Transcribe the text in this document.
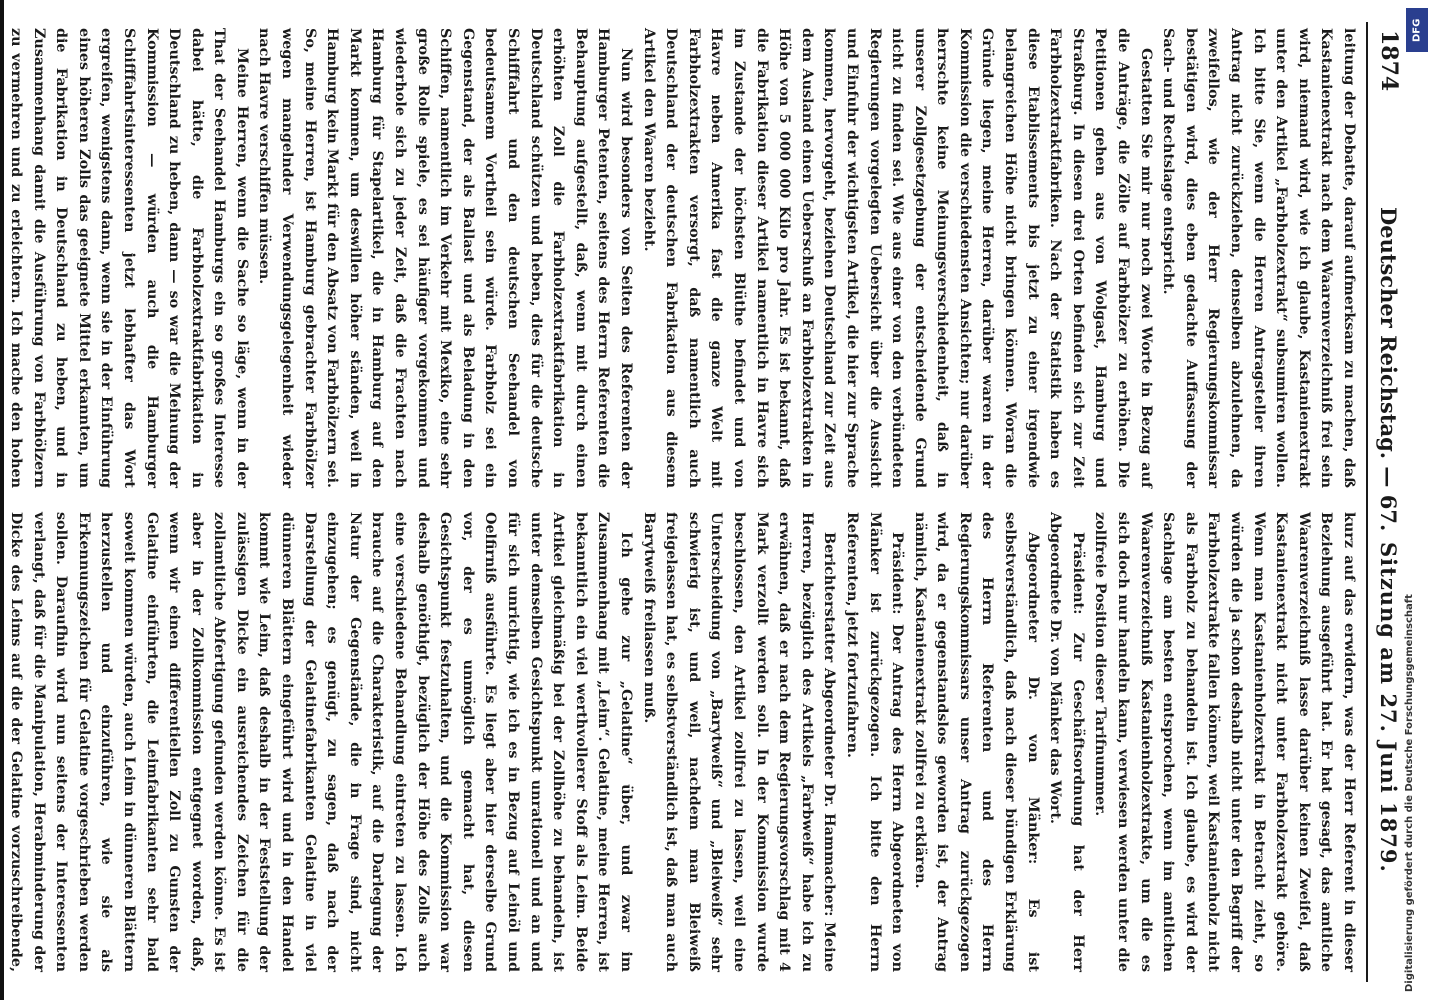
1874
Deutscher Reichstag. — 67.
Sitzung am 27. Juni 1879.

leitung der Debatte, darauf aufmerksam zu machen, daß Kastanienextrakt nach dem Waarenverzeichniß frei sein wird, niemand wird, wie ich glaube, Kastanienextrakt unter den Artikel „Farbholzextrakt“ subsumiren wollen. Ich bitte Sie, wenn die Herren Antragsteller ihren Antrag nicht zurückziehen, denselben abzulehnen, da zweifellos, wie der Herr Regierungskommissar bestätigen wird, dies eben gedachte Auffassung der Sach- und Rechtslage entspricht.

Gestatten Sie mir nur noch zwei Worte in Bezug auf die Anträge, die Zölle auf Farbhölzer zu erhöhen. Die Petitionen gehen aus von Wolgast, Hamburg und Straßburg. In diesen drei Orten befinden sich zur Zeit Farbholzextraktfabriken. Nach der Statistik haben es diese Etablissements bis jetzt zu einer irgendwie belangreichen Höhe nicht bringen können. Woran die Gründe liegen, meine Herren, darüber waren in der Kommission die verschiedensten Ansichten; nur darüber herrschte keine Meinungsverschiedenheit, daß in unserer Zollgesetzgebung der entscheidende Grund nicht zu finden sei. Wie aus einer von den verbündeten Regierungen vorgelegten Uebersicht über die Aussicht und Einfuhr der wichtigsten Artikel, die hier zur Sprache kommen, hervorgeht, beziehen Deutschland zur Zeit aus dem Ausland einen Ueberschuß an Farbholzextrakten in Höhe von 5 000 000 Kilo pro Jahr. Es ist bekannt, daß die Fabrikation dieser Artikel namentlich in Havre sich im Zustande der höchsten Blüthe befindet und von Havre neben Amerika fast die ganze Welt mit Farbholzextrakten versorgt, daß namentlich auch Deutschland der deutschen Fabrikation aus diesem Artikel den Waaren bezieht.

Nun wird besonders von Seiten des Referenten der Hamburger Petenten, seitens des Herrn Referenten die Behauptung aufgestellt, daß, wenn mit durch einen erhöhten Zoll die Farbholzextraktfabrikation in Deutschland schützen und heben, dies für die deutsche Schifffahrt und den deutschen Seehandel von bedeutsamem Vortheil sein würde. Farbholz sei ein Gegenstand, der als Ballast und als Beladung in den Schiffen, namentlich im Verkehr mit Mexiko, eine sehr große Rolle spiele, es sei häufiger vorgekommen und wiederhole sich zu jeder Zeit, daß die Frachten nach Hamburg für Stapelartikel, die in Hamburg auf den Markt kommen, um deswillen höher ständen, weil in Hamburg kein Markt für den Absatz von Farbhölzern sei. So, meine Herren, ist Hamburg gebrachter Farbhölzer wegen mangelnder Verwendungsgelegenheit wieder nach Havre verschiffen müssen.

Meine Herren, wenn die Sache so läge, wenn in der That der Seehandel Hamburgs ein so großes Interesse dabei hätte, die Farbholzextraktfabrikation in Deutschland zu heben, dann — so war die Meinung der Kommission — würden auch die Hamburger Schifffahrtsinteressenten jetzt lebhafter das Wort ergreifen, wenigstens dann, wenn sie in der Einführung eines höheren Zolls das geeignete Mittel erkannten, um die Fabrikation in Deutschland zu heben, und in Zusammenhang damit die Ausführung von Farbhölzern zu vermehren und zu erleichtern. Ich mache den hohen

kurz auf das erwidern, was der Herr Referent in dieser Beziehung ausgeführt hat. Er hat gesagt, das amtliche Waarenverzeichniß lasse darüber keinen Zweifel, daß Kastanienextrakt nicht unter Farbholzextrakt gehöre. Wenn man Kastanienholzextrakt in Betracht zieht, so würden die ja schon deshalb nicht unter den Begriff der Farbholzextrakte fallen können, weil Kastanienholz nicht als Farbholz zu behandeln ist. Ich glaube, es wird der Sachlage am besten entsprochen, wenn im amtlichen Waarenverzeichniß Kastanienholzextrakte, um die es sich doch nur handeln kann, verwiesen werden unter die zollfreie Position dieser Tarifnummer.

Präsident: Zur Geschäftsordnung hat der Herr Abgeordnete Dr. von Mänker das Wort.

Abgeordneter Dr. von Mänker: Es ist selbstverständlich, daß nach dieser bündigen Erklärung des Herrn Referenten und des Herrn Regierungskommissars unser Antrag zurückgezogen wird, da er gegenstandslos geworden ist, der Antrag nämlich, Kastanienextrakt zollfrei zu erklären.

Präsident: Der Antrag des Herrn Abgeordneten von Mänker ist zurückgezogen. Ich bitte den Herrn Referenten, jetzt fortzufahren.

Berichterstatter Abgeordneter Dr. Hammacher: Meine Herren, bezüglich des Artikels „Farbweiß“ habe ich zu erwähnen, daß er nach dem Regierungsvorschlag mit 4 Mark verzollt werden soll. In der Kommission wurde beschlossen, den Artikel zollfrei zu lassen, weil eine Unterscheidung von „Barytweiß“ und „Bleiweiß“ sehr schwierig ist, und weil, nachdem man Bleiweiß freigelassen hat, es selbstverständlich ist, daß man auch Barytweiß freilassen muß.

Ich gehe zur „Gelatine“ über, und zwar im Zusammenhang mit „Leim“. Gelatine, meine Herren, ist bekanntlich ein viel werthvollerer Stoff als Leim. Beide Artikel gleichmäßig bei der Zollhöhe zu behandeln, ist unter demselben Gesichtspunkt unrationell und an und für sich unrichtig, wie ich es in Bezug auf Leinöl und Oelfirniß ausführte. Es liegt aber hier derselbe Grund vor, der es unmöglich gemacht hat, diesen Gesichtspunkt festzuhalten, und die Kommission war deshalb genöthigt, bezüglich der Höhe des Zolls auch eine verschiedene Behandlung eintreten zu lassen. Ich brauche auf die Charakteristik, auf die Darlegung der Natur der Gegenstände, die in Frage sind, nicht einzugehen; es genügt, zu sagen, daß nach der Darstellung der Gelatinefabrikanten Gelatine in viel dünneren Blättern eingeführt wird und in den Handel kommt wie Leim, daß deshalb in der Feststellung der zulässigen Dicke ein ausreichendes Zeichen für die zollamtliche Abfertigung gefunden werden könne. Es ist aber in der Zollkommission entgegnet worden, daß, wenn wir einen differentiellen Zoll zu Gunsten der Gelatine einführten, die Leimfabrikanten sehr bald soweit kommen würden, auch Leim in dünneren Blättern herzustellen und einzuführen, wie sie als Erkennungszeichen für Gelatine vorgeschrieben werden sollen. Daraufhin wird nun seitens der Interessenten verlangt, daß für die Manipulation, Herabminderung der Dicke des Leims auf die der Gelatine vorzuschreibende,

DFG
Digitalisierung gefördert durch die Deutsche Forschungsgemeinschaft
